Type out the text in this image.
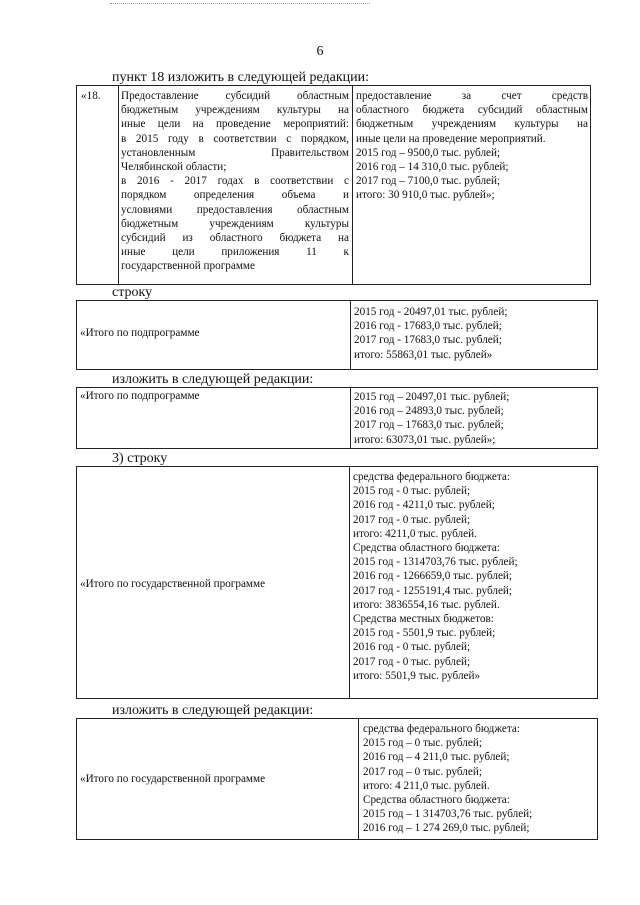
6
пункт 18 изложить в следующей редакции:
«18.	Предоставление субсидий областным
бюджетным учреждениям культуры на
иные цели на проведение мероприятий:
в 2015 году в соответствии с порядком,
установленным Правительством
Челябинской области;
в 2016 - 2017 годах в соответствии с
порядком определения объема и
условиями предоставления областным
бюджетным учреждениям культуры
субсидий из областного бюджета на
иные цели приложения 11 к
государственной программе
предоставление за счет средств
областного бюджета субсидий областным
бюджетным учреждениям культуры на
иные цели на проведение мероприятий.
2015 год – 9500,0 тыс. рублей;
2016 год – 14 310,0 тыс. рублей;
2017 год – 7100,0 тыс. рублей;
итого: 30 910,0 тыс. рублей»;
строку
«Итого по подпрограмме
2015 год - 20497,01 тыс. рублей;
2016 год - 17683,0 тыс. рублей;
2017 год - 17683,0 тыс. рублей;
итого: 55863,01 тыс. рублей»
изложить в следующей редакции:
«Итого по подпрограмме	2015 год – 20497,01 тыс. рублей;
2016 год – 24893,0 тыс. рублей;
2017 год – 17683,0 тыс. рублей;
итого: 63073,01 тыс. рублей»;
3) строку
«Итого по государственной программе
средства федерального бюджета:
2015 год - 0 тыс. рублей;
2016 год - 4211,0 тыс. рублей;
2017 год - 0 тыс. рублей;
итого: 4211,0 тыс. рублей.
Средства областного бюджета:
2015 год - 1314703,76 тыс. рублей;
2016 год - 1266659,0 тыс. рублей;
2017 год - 1255191,4 тыс. рублей;
итого: 3836554,16 тыс. рублей.
Средства местных бюджетов:
2015 год - 5501,9 тыс. рублей;
2016 год - 0 тыс. рублей;
2017 год - 0 тыс. рублей;
итого: 5501,9 тыс. рублей»
изложить в следующей редакции:
«Итого по государственной программе
средства федерального бюджета:
2015 год – 0 тыс. рублей;
2016 год – 4 211,0 тыс. рублей;
2017 год – 0 тыс. рублей;
итого: 4 211,0 тыс. рублей.
Средства областного бюджета:
2015 год – 1 314703,76 тыс. рублей;
2016 год – 1 274 269,0 тыс. рублей;
